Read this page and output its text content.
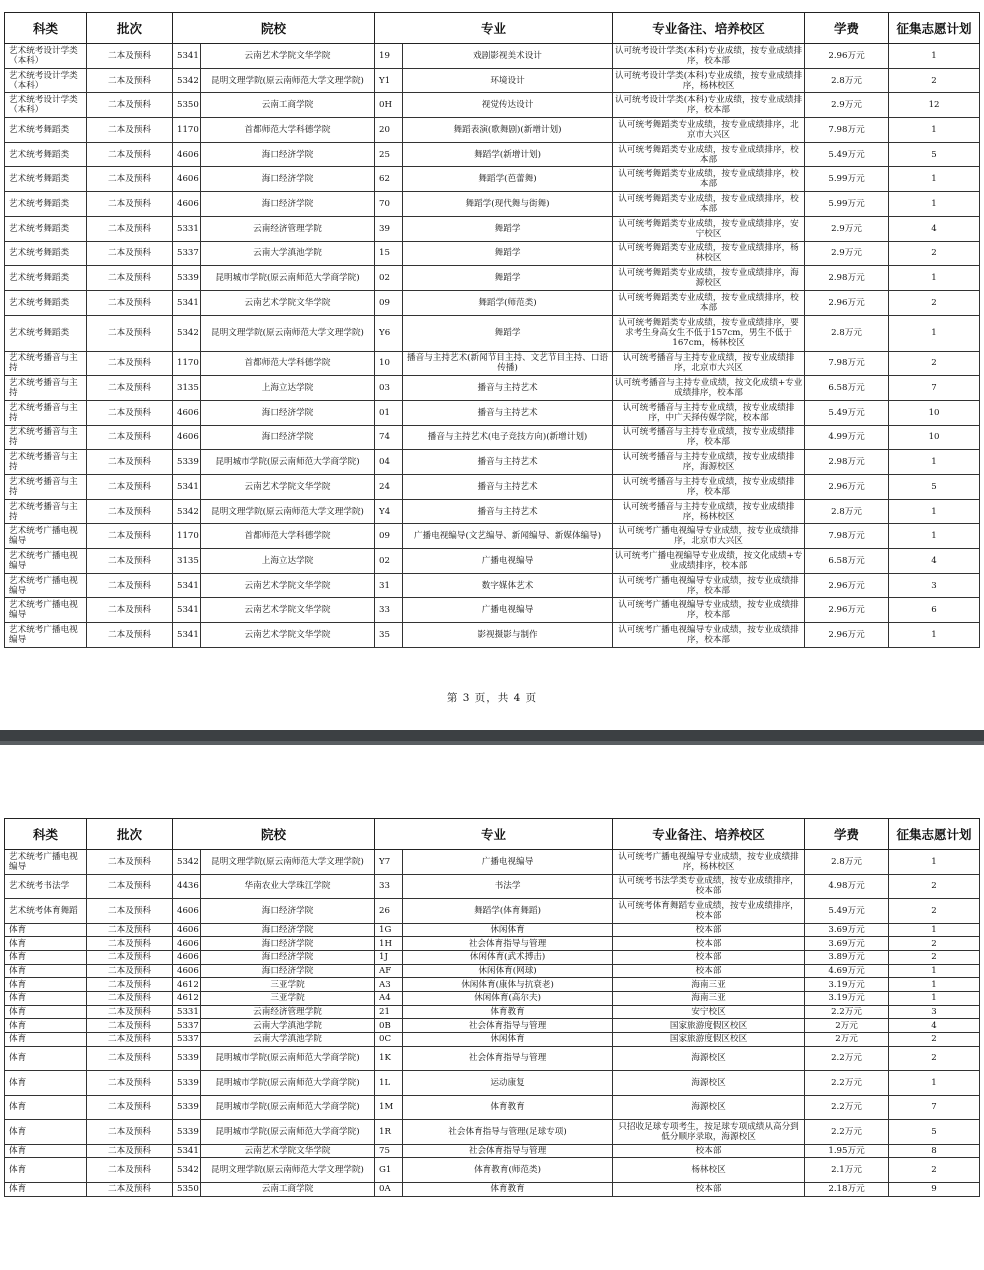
科类	批次	院校		专业		专业备注、培养校区	学费	征集志愿计划
艺术统考设计学类（本科）	二本及预科	5341	云南艺术学院文华学院	19	戏剧影视美术设计	认可统考设计学类(本科)专业成绩，按专业成绩排序，校本部	2.96万元	1
艺术统考设计学类（本科）	二本及预科	5342	昆明文理学院(原云南师范大学文理学院)	Y1	环境设计	认可统考设计学类(本科)专业成绩，按专业成绩排序，杨林校区	2.8万元	2
艺术统考设计学类（本科）	二本及预科	5350	云南工商学院	0H	视觉传达设计	认可统考设计学类(本科)专业成绩，按专业成绩排序，校本部	2.9万元	12
艺术统考舞蹈类	二本及预科	1170	首都师范大学科德学院	20	舞蹈表演(歌舞剧)(新增计划)	认可统考舞蹈类专业成绩，按专业成绩排序，北京市大兴区	7.98万元	1
艺术统考舞蹈类	二本及预科	4606	海口经济学院	25	舞蹈学(新增计划)	认可统考舞蹈类专业成绩，按专业成绩排序，校本部	5.49万元	5
艺术统考舞蹈类	二本及预科	4606	海口经济学院	62	舞蹈学(芭蕾舞)	认可统考舞蹈类专业成绩，按专业成绩排序，校本部	5.99万元	1
艺术统考舞蹈类	二本及预科	4606	海口经济学院	70	舞蹈学(现代舞与街舞)	认可统考舞蹈类专业成绩，按专业成绩排序，校本部	5.99万元	1
艺术统考舞蹈类	二本及预科	5331	云南经济管理学院	39	舞蹈学	认可统考舞蹈类专业成绩，按专业成绩排序，安宁校区	2.9万元	4
艺术统考舞蹈类	二本及预科	5337	云南大学滇池学院	15	舞蹈学	认可统考舞蹈类专业成绩，按专业成绩排序，杨林校区	2.9万元	2
艺术统考舞蹈类	二本及预科	5339	昆明城市学院(原云南师范大学商学院)	02	舞蹈学	认可统考舞蹈类专业成绩，按专业成绩排序，海源校区	2.98万元	1
艺术统考舞蹈类	二本及预科	5341	云南艺术学院文华学院	09	舞蹈学(师范类)	认可统考舞蹈类专业成绩，按专业成绩排序，校本部	2.96万元	2
艺术统考舞蹈类	二本及预科	5342	昆明文理学院(原云南师范大学文理学院)	Y6	舞蹈学	认可统考舞蹈类专业成绩，按专业成绩排序，要求考生身高女生不低于157cm，男生不低于167cm，杨林校区	2.8万元	1
艺术统考播音与主持	二本及预科	1170	首都师范大学科德学院	10	播音与主持艺术(新闻节目主持、文艺节目主持、口语传播)	认可统考播音与主持专业成绩，按专业成绩排序，北京市大兴区	7.98万元	2
艺术统考播音与主持	二本及预科	3135	上海立达学院	03	播音与主持艺术	认可统考播音与主持专业成绩，按文化成绩+专业成绩排序，校本部	6.58万元	7
艺术统考播音与主持	二本及预科	4606	海口经济学院	01	播音与主持艺术	认可统考播音与主持专业成绩，按专业成绩排序，中广天择传媒学院，校本部	5.49万元	10
艺术统考播音与主持	二本及预科	4606	海口经济学院	74	播音与主持艺术(电子竞技方向)(新增计划)	认可统考播音与主持专业成绩，按专业成绩排序，校本部	4.99万元	10
艺术统考播音与主持	二本及预科	5339	昆明城市学院(原云南师范大学商学院)	04	播音与主持艺术	认可统考播音与主持专业成绩，按专业成绩排序，海源校区	2.98万元	1
艺术统考播音与主持	二本及预科	5341	云南艺术学院文华学院	24	播音与主持艺术	认可统考播音与主持专业成绩，按专业成绩排序，校本部	2.96万元	5
艺术统考播音与主持	二本及预科	5342	昆明文理学院(原云南师范大学文理学院)	Y4	播音与主持艺术	认可统考播音与主持专业成绩，按专业成绩排序，杨林校区	2.8万元	1
艺术统考广播电视编导	二本及预科	1170	首都师范大学科德学院	09	广播电视编导(文艺编导、新闻编导、新媒体编导)	认可统考广播电视编导专业成绩，按专业成绩排序，北京市大兴区	7.98万元	1
艺术统考广播电视编导	二本及预科	3135	上海立达学院	02	广播电视编导	认可统考广播电视编导专业成绩，按文化成绩+专业成绩排序，校本部	6.58万元	4
艺术统考广播电视编导	二本及预科	5341	云南艺术学院文华学院	31	数字媒体艺术	认可统考广播电视编导专业成绩，按专业成绩排序，校本部	2.96万元	3
艺术统考广播电视编导	二本及预科	5341	云南艺术学院文华学院	33	广播电视编导	认可统考广播电视编导专业成绩，按专业成绩排序，校本部	2.96万元	6
艺术统考广播电视编导	二本及预科	5341	云南艺术学院文华学院	35	影视摄影与制作	认可统考广播电视编导专业成绩，按专业成绩排序，校本部	2.96万元	1
第 3 页，共 4 页
科类	批次	院校		专业		专业备注、培养校区	学费	征集志愿计划
艺术统考广播电视编导	二本及预科	5342	昆明文理学院(原云南师范大学文理学院)	Y7	广播电视编导	认可统考广播电视编导专业成绩，按专业成绩排序，杨林校区	2.8万元	1
艺术统考书法学	二本及预科	4436	华南农业大学珠江学院	33	书法学	认可统考书法学类专业成绩，按专业成绩排序，校本部	4.98万元	2
艺术统考体育舞蹈	二本及预科	4606	海口经济学院	26	舞蹈学(体育舞蹈)	认可统考体育舞蹈专业成绩，按专业成绩排序，校本部	5.49万元	2
体育	二本及预科	4606	海口经济学院	1G	休闲体育	校本部	3.69万元	1
体育	二本及预科	4606	海口经济学院	1H	社会体育指导与管理	校本部	3.69万元	2
体育	二本及预科	4606	海口经济学院	1J	休闲体育(武术搏击)	校本部	3.89万元	2
体育	二本及预科	4606	海口经济学院	AF	休闲体育(网球)	校本部	4.69万元	1
体育	二本及预科	4612	三亚学院	A3	休闲体育(康体与抗衰老)	海南三亚	3.19万元	1
体育	二本及预科	4612	三亚学院	A4	休闲体育(高尔夫)	海南三亚	3.19万元	1
体育	二本及预科	5331	云南经济管理学院	21	体育教育	安宁校区	2.2万元	3
体育	二本及预科	5337	云南大学滇池学院	0B	社会体育指导与管理	国家旅游度假区校区	2万元	4
体育	二本及预科	5337	云南大学滇池学院	0C	休闲体育	国家旅游度假区校区	2万元	2
体育	二本及预科	5339	昆明城市学院(原云南师范大学商学院)	1K	社会体育指导与管理	海源校区	2.2万元	2
体育	二本及预科	5339	昆明城市学院(原云南师范大学商学院)	1L	运动康复	海源校区	2.2万元	1
体育	二本及预科	5339	昆明城市学院(原云南师范大学商学院)	1M	体育教育	海源校区	2.2万元	7
体育	二本及预科	5339	昆明城市学院(原云南师范大学商学院)	1R	社会体育指导与管理(足球专项)	只招收足球专项考生，按足球专项成绩从高分到低分顺序录取，海源校区	2.2万元	5
体育	二本及预科	5341	云南艺术学院文华学院	75	社会体育指导与管理	校本部	1.95万元	8
体育	二本及预科	5342	昆明文理学院(原云南师范大学文理学院)	G1	体育教育(师范类)	杨林校区	2.1万元	2
体育	二本及预科	5350	云南工商学院	0A	体育教育	校本部	2.18万元	9
